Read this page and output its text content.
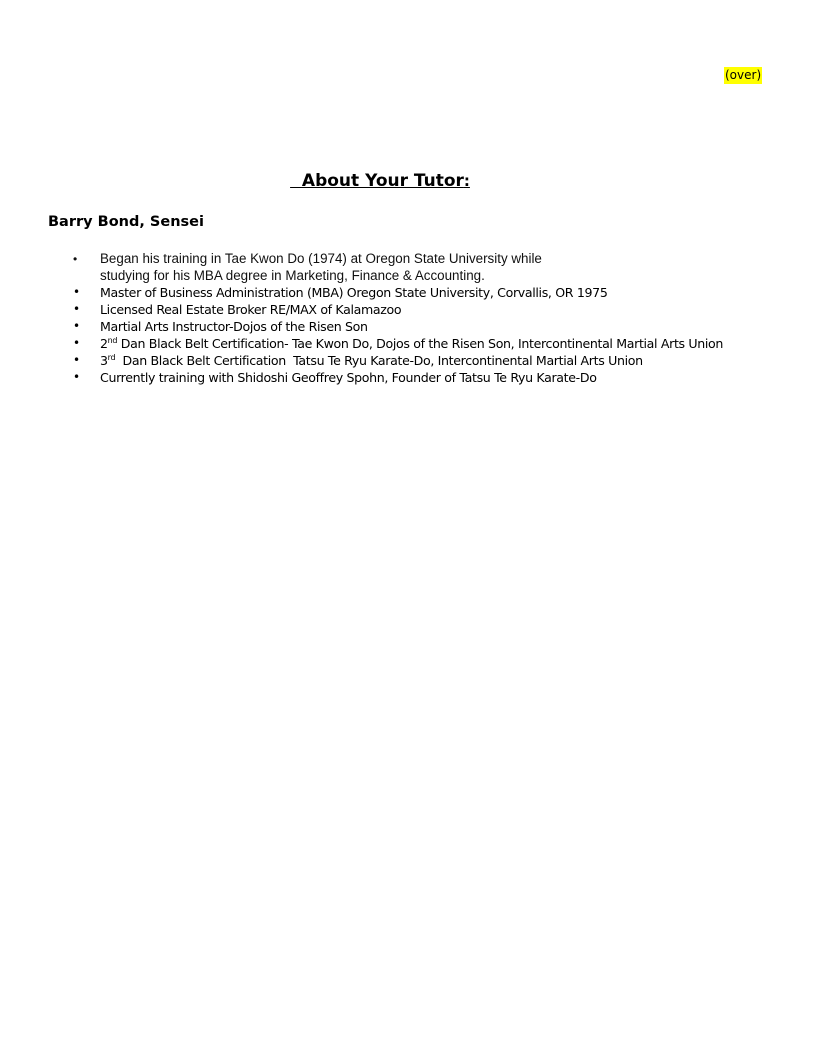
(over)
About Your Tutor:
Barry Bond, Sensei
• Began his training in Tae Kwon Do (1974) at Oregon State University while
studying for his MBA degree in Marketing, Finance & Accounting.
• Master of Business Administration (MBA) Oregon State University, Corvallis, OR 1975
• Licensed Real Estate Broker RE/MAX of Kalamazoo
• Martial Arts Instructor-Dojos of the Risen Son
• 2nd Dan Black Belt Certification- Tae Kwon Do, Dojos of the Risen Son, Intercontinental Martial Arts Union
• 3rd  Dan Black Belt Certification  Tatsu Te Ryu Karate-Do, Intercontinental Martial Arts Union
• Currently training with Shidoshi Geoffrey Spohn, Founder of Tatsu Te Ryu Karate-Do
